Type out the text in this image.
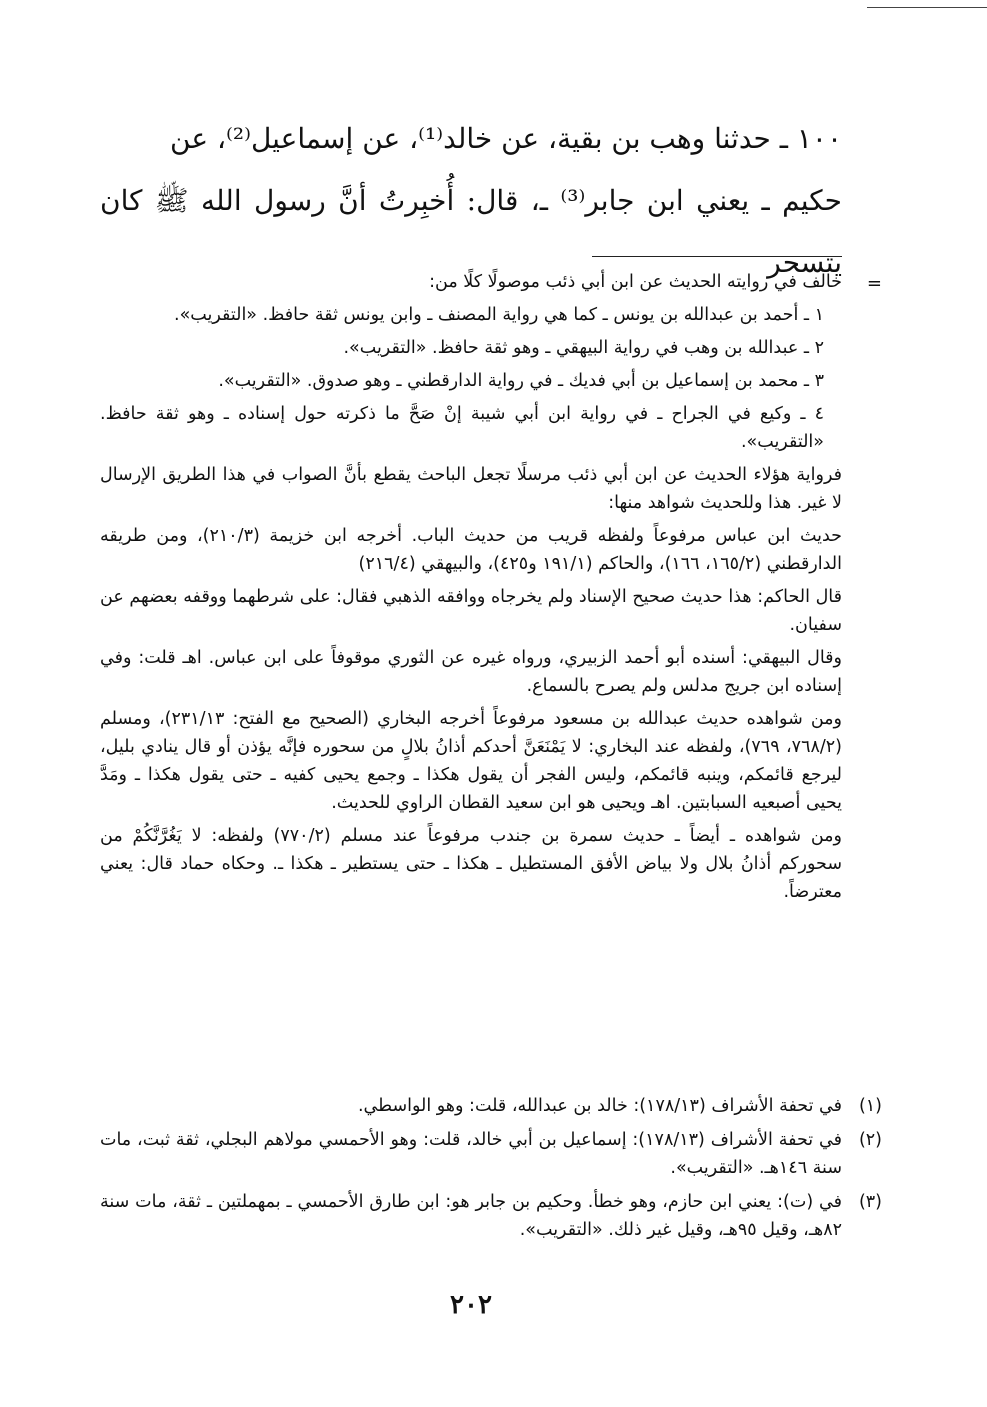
١٠٠ ـ حدثنا وهب بن بقية، عن خالد⁽¹⁾، عن إسماعيل⁽²⁾، عن
حكيم ـ يعني ابن جابر⁽³⁾ ـ، قال: أُخبِرتُ أنَّ رسول الله ﷺ كان يتسحر

=

خالف في روايته الحديث عن ابن أبي ذئب موصولًا كلًا من:

١ ـ أحمد بن عبدالله بن يونس ـ كما هي رواية المصنف ـ وابن يونس ثقة حافظ. «التقريب».

٢ ـ عبدالله بن وهب في رواية البيهقي ـ وهو ثقة حافظ. «التقريب».

٣ ـ محمد بن إسماعيل بن أبي فديك ـ في رواية الدارقطني ـ وهو صدوق. «التقريب».

٤ ـ وكيع في الجراح ـ في رواية ابن أبي شيبة إنْ صَحَّ ما ذكرته حول إسناده ـ وهو ثقة حافظ. «التقريب».

فرواية هؤلاء الحديث عن ابن أبي ذئب مرسلًا تجعل الباحث يقطع بأنَّ الصواب في هذا الطريق الإرسال لا غير. هذا وللحديث شواهد منها:

حديث ابن عباس مرفوعاً ولفظه قريب من حديث الباب. أخرجه ابن خزيمة (٢١٠/٣)، ومن طريقه الدارقطني (١٦٥/٢، ١٦٦)، والحاكم (١٩١/١ و٤٢٥)، والبيهقي (٢١٦/٤)

قال الحاكم: هذا حديث صحيح الإسناد ولم يخرجاه ووافقه الذهبي فقال: على شرطهما ووقفه بعضهم عن سفيان.

وقال البيهقي: أسنده أبو أحمد الزبيري، ورواه غيره عن الثوري موقوفاً على ابن عباس. اهـ قلت: وفي إسناده ابن جريج مدلس ولم يصرح بالسماع.

ومن شواهده حديث عبدالله بن مسعود مرفوعاً أخرجه البخاري (الصحيح مع الفتح: ٢٣١/١٣)، ومسلم (٧٦٨/٢، ٧٦٩)، ولفظه عند البخاري: لا يَمْنَعَنَّ أحدكم أذانُ بلالٍ من سحوره فإنَّه يؤذن أو قال ينادي بليل، ليرجع قائمكم، وينبه قائمكم، وليس الفجر أن يقول هكذا ـ وجمع يحيى كفيه ـ حتى يقول هكذا ـ ومَدَّ يحيى أصبعيه السبابتين. اهـ ويحيى هو ابن سعيد القطان الراوي للحديث.

ومن شواهده ـ أيضاً ـ حديث سمرة بن جندب مرفوعاً عند مسلم (٧٧٠/٢) ولفظه: لا يَغُرَّنَّكُمْ من سحوركم أذانُ بلال ولا بياض الأفق المستطيل ـ هكذا ـ حتى يستطير ـ هكذا ـ. وحكاه حماد قال: يعني معترضاً.

(١)
في تحفة الأشراف (١٧٨/١٣): خالد بن عبدالله، قلت: وهو الواسطي.
(٢)
في تحفة الأشراف (١٧٨/١٣): إسماعيل بن أبي خالد، قلت: وهو الأحمسي مولاهم البجلي، ثقة ثبت، مات سنة ١٤٦هـ. «التقريب».
(٣)
في (ت): يعني ابن حازم، وهو خطأ. وحكيم بن جابر هو: ابن طارق الأحمسي ـ بمهملتين ـ ثقة، مات سنة ٨٢هـ، وقيل ٩٥هـ، وقيل غير ذلك. «التقريب».
٢٠٢
